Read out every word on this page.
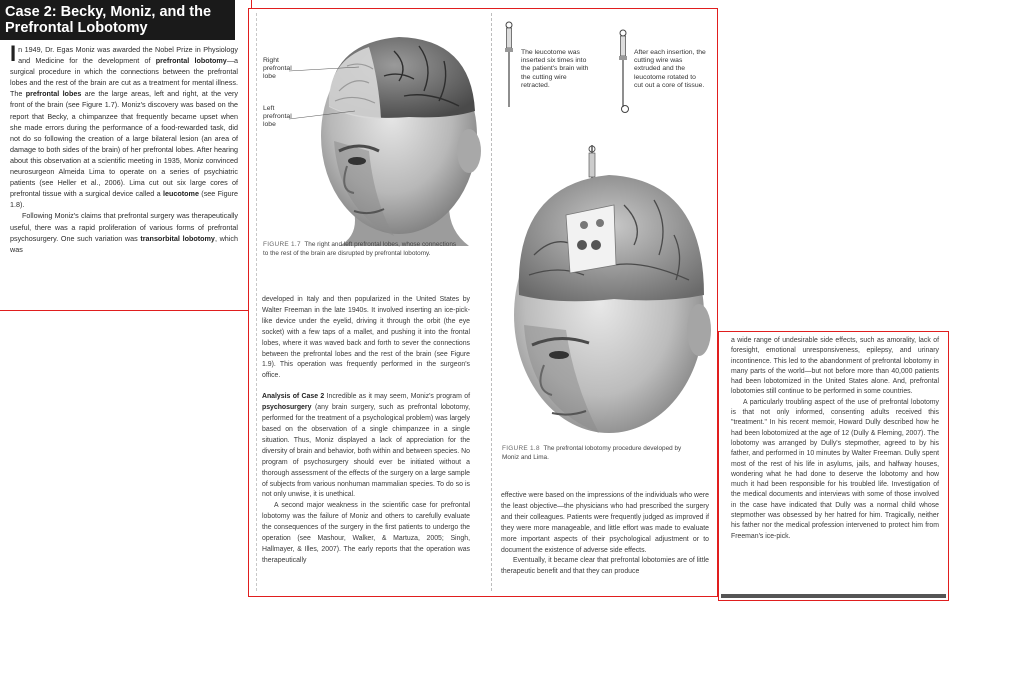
Case 2: Becky, Moniz, and the Prefrontal Lobotomy

In 1949, Dr. Egas Moniz was awarded the Nobel Prize in Physiology and Medicine for the development of prefrontal lobotomy—a surgical procedure in which the connections between the prefrontal lobes and the rest of the brain are cut as a treatment for mental illness. The prefrontal lobes are the large areas, left and right, at the very front of the brain (see Figure 1.7). Moniz's discovery was based on the report that Becky, a chimpanzee that frequently became upset when she made errors during the performance of a food-rewarded task, did not do so following the creation of a large bilateral lesion (an area of damage to both sides of the brain) of her prefrontal lobes. After hearing about this observation at a scientific meeting in 1935, Moniz convinced neurosurgeon Almeida Lima to operate on a series of psychiatric patients (see Heller et al., 2006). Lima cut out six large cores of prefrontal tissue with a surgical device called a leucotome (see Figure 1.8).

Following Moniz's claims that prefrontal surgery was therapeutically useful, there was a rapid proliferation of various forms of prefrontal psychosurgery. One such variation was transorbital lobotomy, which was

Right prefrontal lobe
Left prefrontal lobe
FIGURE 1.7 The right and left prefrontal lobes, whose connections to the rest of the brain are disrupted by prefrontal lobotomy.
The leucotome was inserted six times into the patient's brain with the cutting wire retracted.
After each insertion, the cutting wire was extruded and the leucotome rotated to cut out a core of tissue.
FIGURE 1.8 The prefrontal lobotomy procedure developed by Moniz and Lima.

developed in Italy and then popularized in the United States by Walter Freeman in the late 1940s. It involved inserting an ice-pick-like device under the eyelid, driving it through the orbit (the eye socket) with a few taps of a mallet, and pushing it into the frontal lobes, where it was waved back and forth to sever the connections between the prefrontal lobes and the rest of the brain (see Figure 1.9). This operation was frequently performed in the surgeon's office.

Analysis of Case 2 Incredible as it may seem, Moniz's program of psychosurgery (any brain surgery, such as prefrontal lobotomy, performed for the treatment of a psychological problem) was largely based on the observation of a single chimpanzee in a single situation. Thus, Moniz displayed a lack of appreciation for the diversity of brain and behavior, both within and between species. No program of psychosurgery should ever be initiated without a thorough assessment of the effects of the surgery on a large sample of subjects from various nonhuman mammalian species. To do so is not only unwise, it is unethical.

A second major weakness in the scientific case for prefrontal lobotomy was the failure of Moniz and others to carefully evaluate the consequences of the surgery in the first patients to undergo the operation (see Mashour, Walker, & Martuza, 2005; Singh, Hallmayer, & Illes, 2007). The early reports that the operation was therapeutically

effective were based on the impressions of the individuals who were the least objective—the physicians who had prescribed the surgery and their colleagues. Patients were frequently judged as improved if they were more manageable, and little effort was made to evaluate more important aspects of their psychological adjustment or to document the existence of adverse side effects.

Eventually, it became clear that prefrontal lobotomies are of little therapeutic benefit and that they can produce

a wide range of undesirable side effects, such as amorality, lack of foresight, emotional unresponsiveness, epilepsy, and urinary incontinence. This led to the abandonment of prefrontal lobotomy in many parts of the world—but not before more than 40,000 patients had been lobotomized in the United States alone. And, prefrontal lobotomies still continue to be performed in some countries.

A particularly troubling aspect of the use of prefrontal lobotomy is that not only informed, consenting adults received this "treatment." In his recent memoir, Howard Dully described how he had been lobotomized at the age of 12 (Dully & Fleming, 2007). The lobotomy was arranged by Dully's stepmother, agreed to by his father, and performed in 10 minutes by Walter Freeman. Dully spent most of the rest of his life in asylums, jails, and halfway houses, wondering what he had done to deserve the lobotomy and how much it had been responsible for his troubled life. Investigation of the medical documents and interviews with some of those involved in the case have indicated that Dully was a normal child whose stepmother was obsessed by her hatred for him. Tragically, neither his father nor the medical profession intervened to protect him from Freeman's ice-pick.
